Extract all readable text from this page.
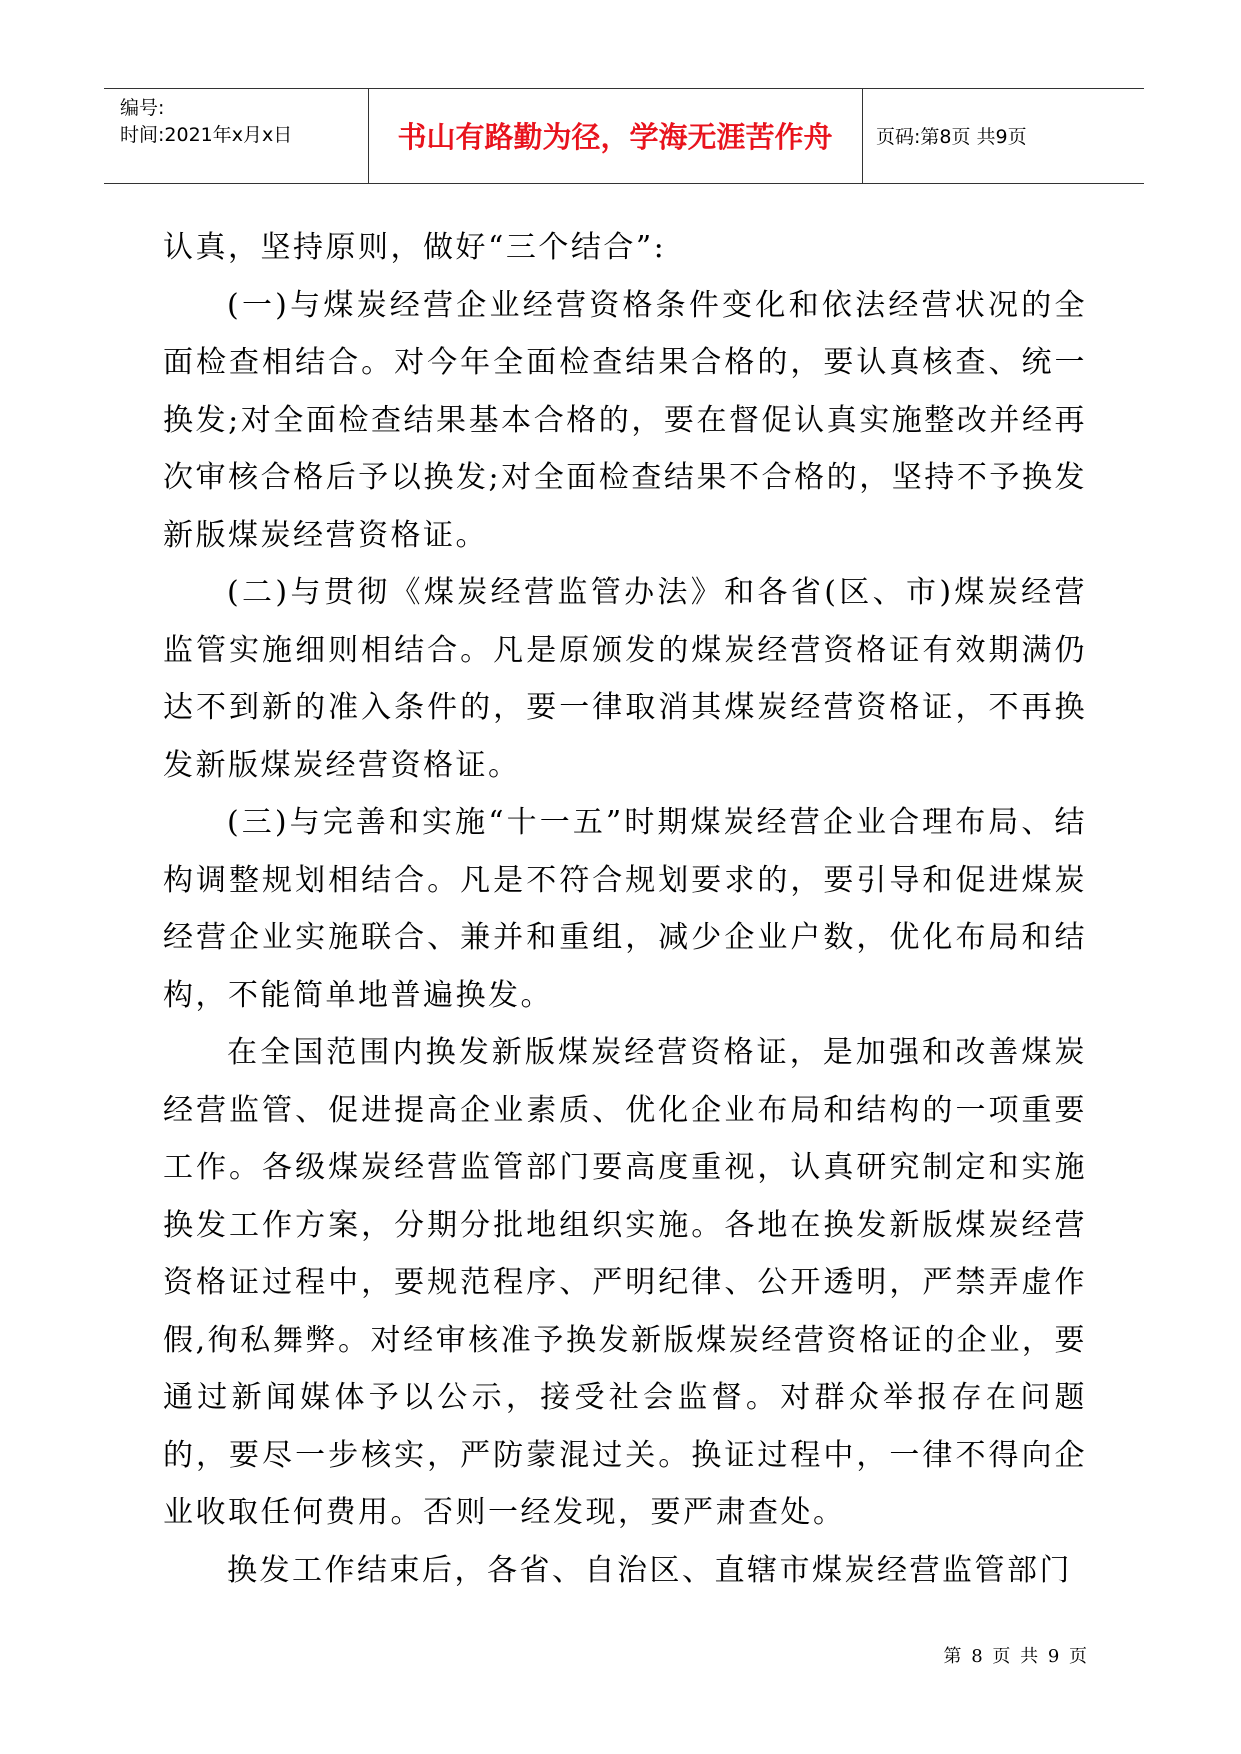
编号:
时间:2021年x月x日	书山有路勤为径，学海无涯苦作舟	页码:第8页 共9页

认真，坚持原则，做好“三个结合”:

(一)与煤炭经营企业经营资格条件变化和依法经营状况的全面检查相结合。对今年全面检查结果合格的，要认真核查、统一换发;对全面检查结果基本合格的，要在督促认真实施整改并经再次审核合格后予以换发;对全面检查结果不合格的，坚持不予换发新版煤炭经营资格证。

(二)与贯彻《煤炭经营监管办法》和各省(区、市)煤炭经营监管实施细则相结合。凡是原颁发的煤炭经营资格证有效期满仍达不到新的准入条件的，要一律取消其煤炭经营资格证，不再换发新版煤炭经营资格证。

(三)与完善和实施“十一五”时期煤炭经营企业合理布局、结构调整规划相结合。凡是不符合规划要求的，要引导和促进煤炭经营企业实施联合、兼并和重组，减少企业户数，优化布局和结构，不能简单地普遍换发。

在全国范围内换发新版煤炭经营资格证，是加强和改善煤炭经营监管、促进提高企业素质、优化企业布局和结构的一项重要工作。各级煤炭经营监管部门要高度重视，认真研究制定和实施换发工作方案，分期分批地组织实施。各地在换发新版煤炭经营资格证过程中，要规范程序、严明纪律、公开透明，严禁弄虚作假,徇私舞弊。对经审核准予换发新版煤炭经营资格证的企业，要通过新闻媒体予以公示，接受社会监督。对群众举报存在问题的，要尽一步核实，严防蒙混过关。换证过程中，一律不得向企业收取任何费用。否则一经发现，要严肃查处。

换发工作结束后，各省、自治区、直辖市煤炭经营监管部门

第 8 页 共 9 页
